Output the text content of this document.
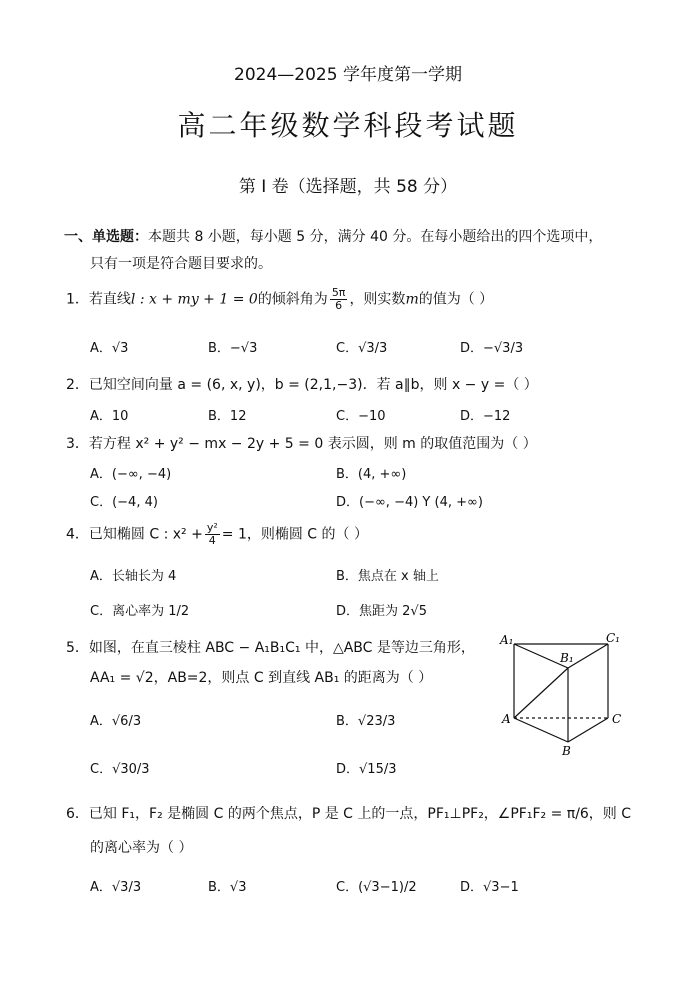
2024—2025 学年度第一学期
高二年级数学科段考试题
第 I 卷（选择题，共 58 分）
一、单选题：本题共 8 小题，每小题 5 分，满分 40 分。在每小题给出的四个选项中，
只有一项是符合题目要求的。
1．若直线l : x + my + 1 = 0的倾斜角为 $\frac{5\pi}{6}$ ，则实数m的值为（ ）
A．√3	B．−√3	C．√3/3	D．−√3/3
2．已知空间向量 a = (6, x, y)，b = (2,1,−3)．若 a∥b，则 x − y =（ ）
A．10	B．12	C．−10	D．−12
3．若方程 x² + y² − mx − 2y + 5 = 0 表示圆，则 m 的取值范围为（ ）
A．(−∞, −4)	B．(4, +∞)
C．(−4, 4)	D．(−∞, −4) Y (4, +∞)
4．已知椭圆 C : $x^2 + \frac{\text{y²}}{4} = 1$，则椭圆 C 的（ ）
A．长轴长为 4	B．焦点在 x 轴上
C．离心率为 1/2	D．焦距为 2√5
5．如图，在直三棱柱 ABC − A₁B₁C₁ 中，△ABC 是等边三角形，
AA₁ = √2，AB=2，则点 C 到直线 AB₁ 的距离为（ ）
A．√6/3	B．√23/3
C．√30/3	D．√15/3
A₁
B₁
C₁
A
B
C
6．已知 F₁，F₂ 是椭圆 C 的两个焦点，P 是 C 上的一点，PF₁⊥PF₂，∠PF₁F₂ = π/6，则 C
的离心率为（ ）
A．√3/3	B．√3	C．(√3−1)/2	D．√3−1
